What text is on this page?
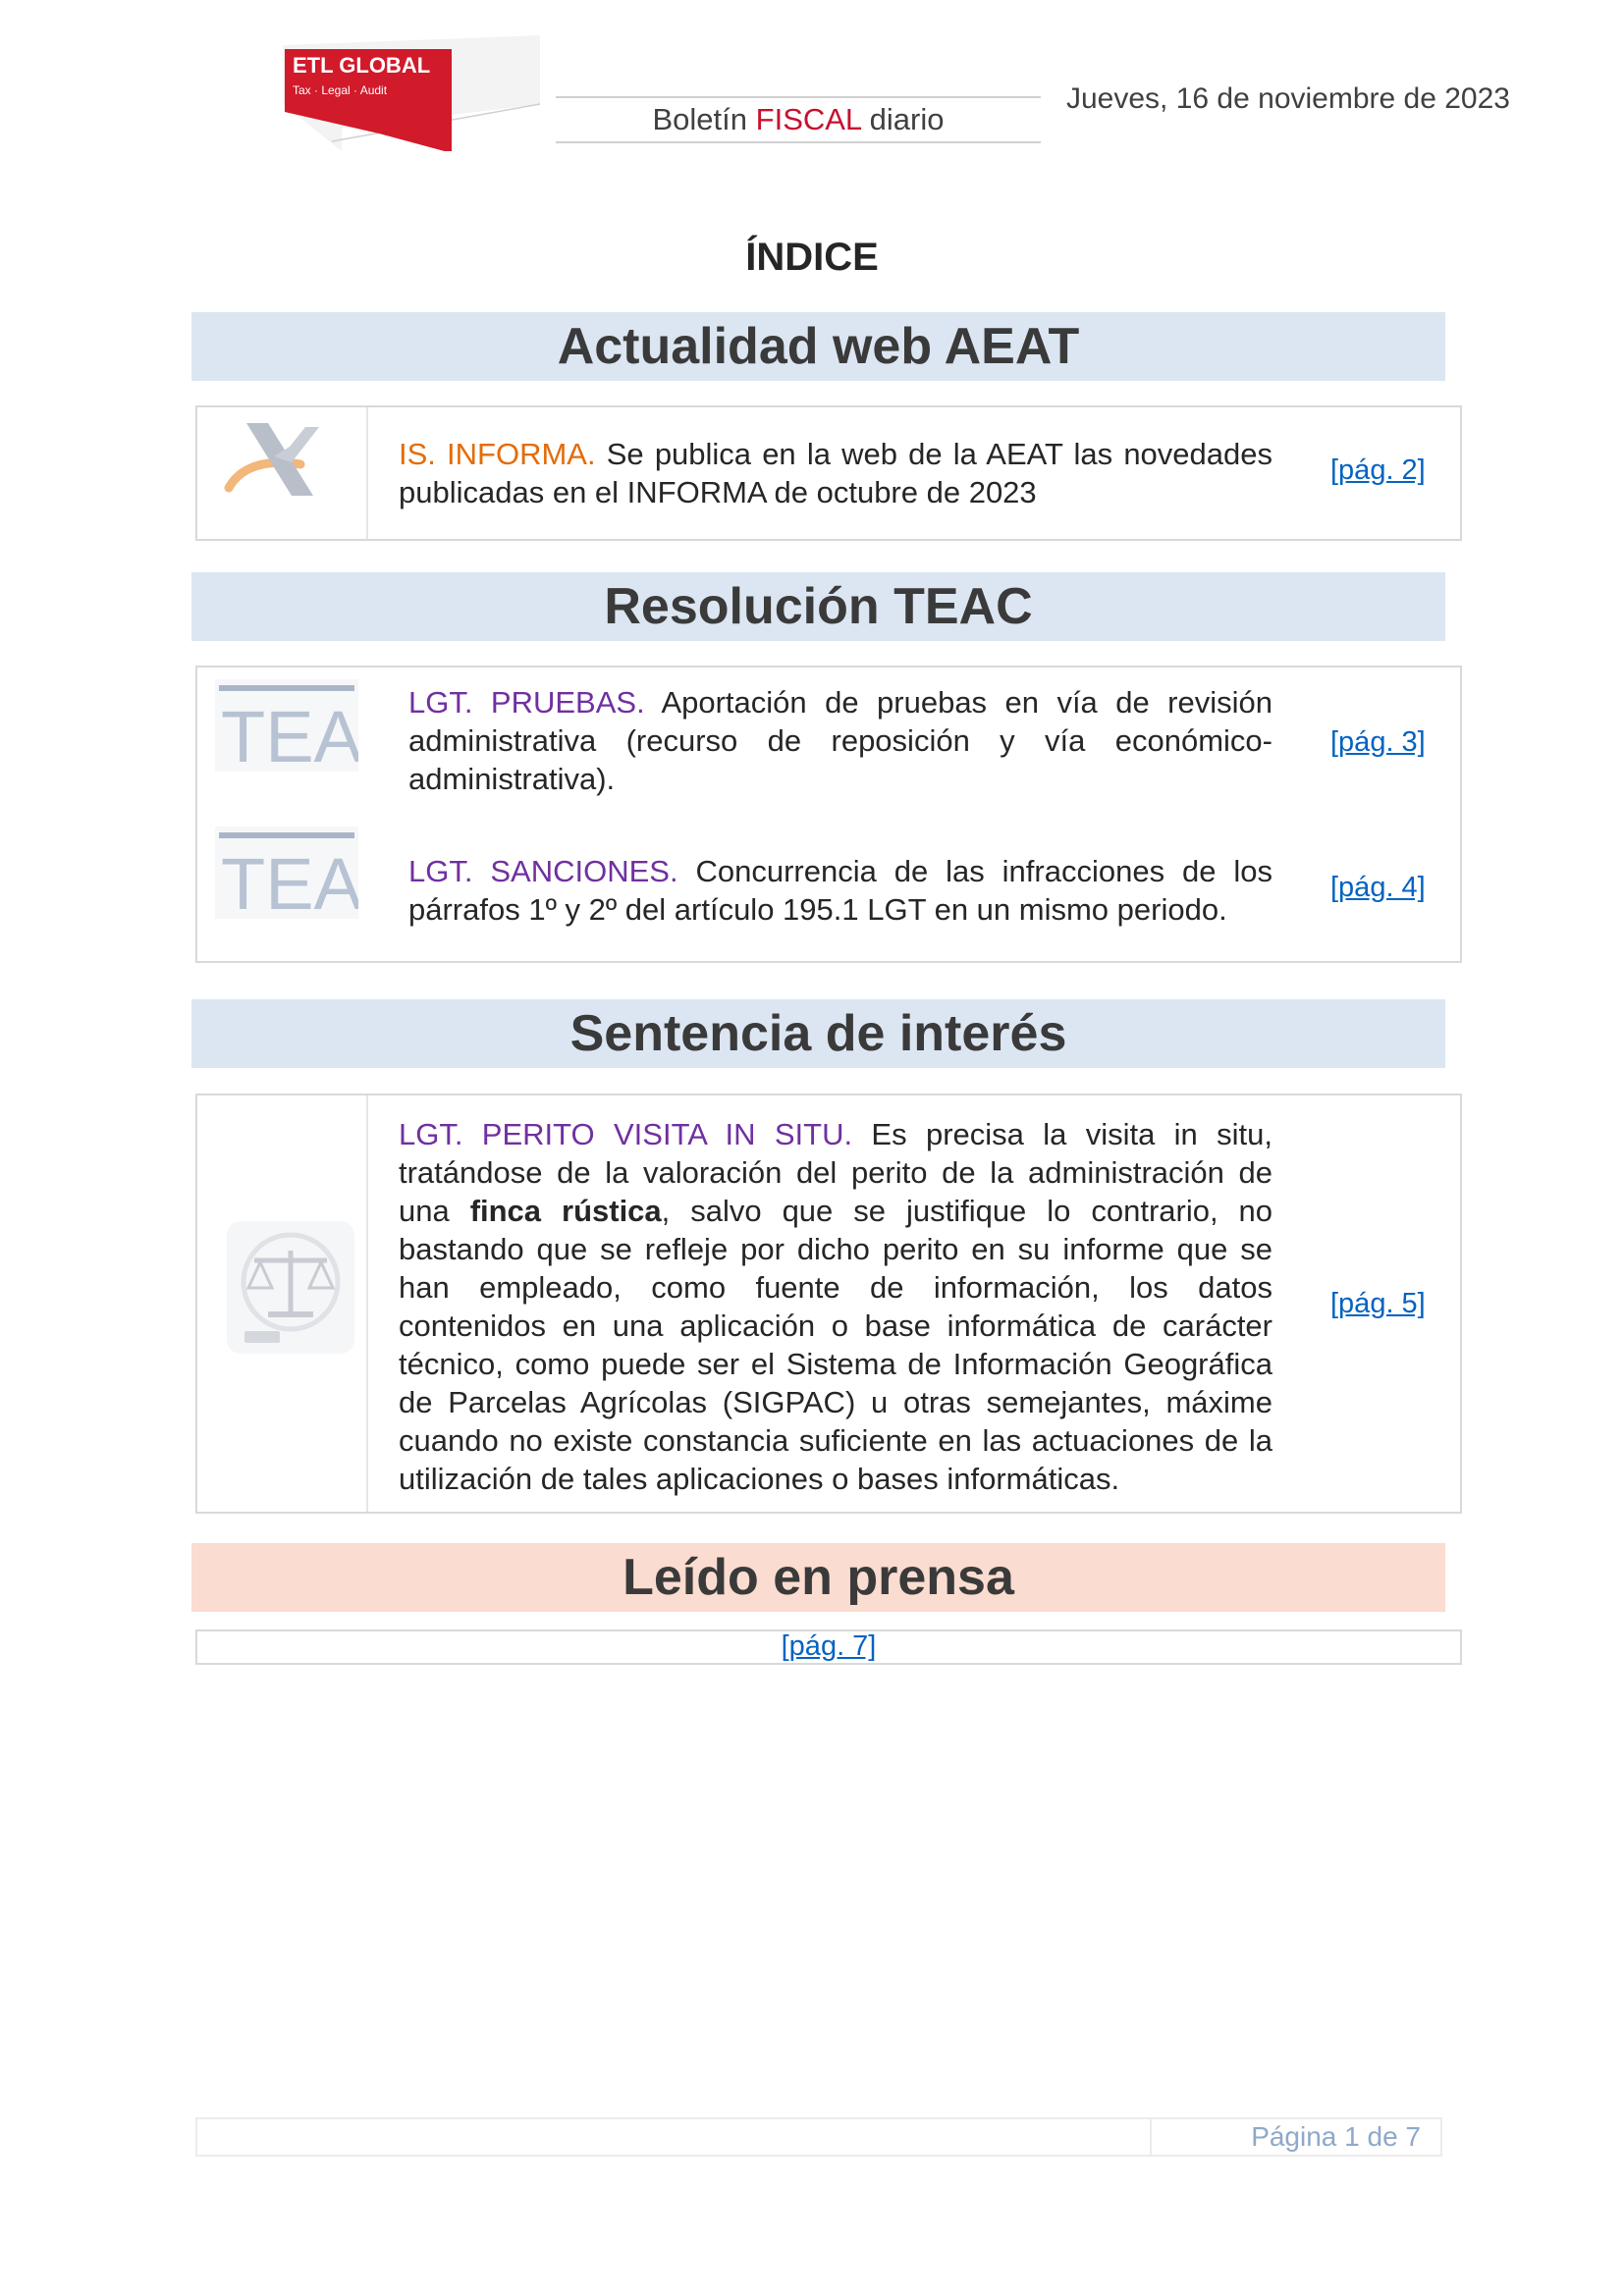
ETL GLOBAL
Tax · Legal · Audit
Boletín FISCAL diario
Jueves, 16 de noviembre de 2023
ÍNDICE
Actualidad web AEAT
IS. INFORMA. Se publica en la web de la AEAT las novedades publicadas en el INFORMA de octubre de 2023
[pág. 2]
Resolución TEAC
TEA
TEA
LGT. PRUEBAS. Aportación de pruebas en vía de revisión administrativa (recurso de reposición y vía económico-administrativa).
[pág. 3]
LGT. SANCIONES. Concurrencia de las infracciones de los párrafos 1º y 2º del artículo 195.1 LGT en un mismo periodo.
[pág. 4]
Sentencia de interés
LGT. PERITO VISITA IN SITU. Es precisa la visita in situ, tratándose de la valoración del perito de la administración de una finca rústica, salvo que se justifique lo contrario, no bastando que se refleje por dicho perito en su informe que se han empleado, como fuente de información, los datos contenidos en una aplicación o base informática de carácter técnico, como puede ser el Sistema de Información Geográfica de Parcelas Agrícolas (SIGPAC) u otras semejantes, máxime cuando no existe constancia suficiente en las actuaciones de la utilización de tales aplicaciones o bases informáticas.
[pág. 5]
Leído en prensa
[pág. 7]
Página 1 de 7
